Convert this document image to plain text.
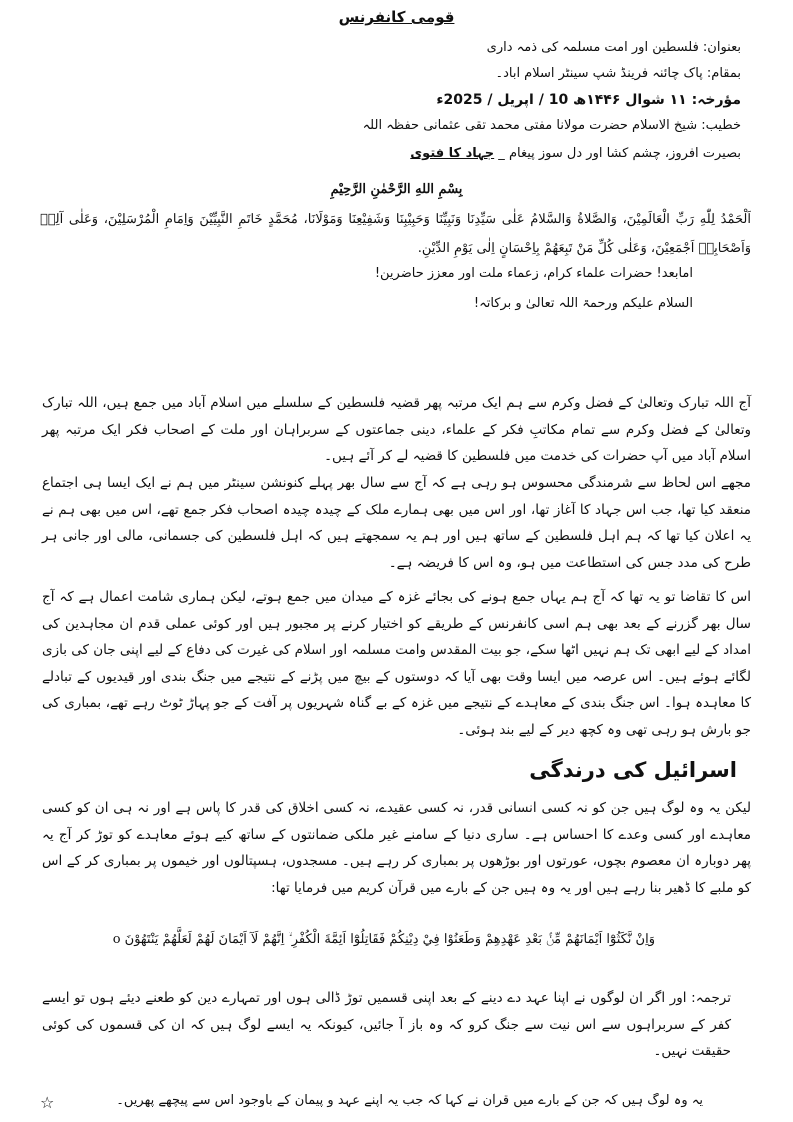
قومی کانفرنس
بعنوان: فلسطین اور امت مسلمہ کی ذمہ داری
بمقام: پاک چائنہ فرینڈ شپ سینٹر اسلام آباد۔
مؤرخہ: ۱۱ شوال ۱۴۴۶ھ 10 / اپریل / 2025ء
خطیب: شیخ الاسلام حضرت مولانا مفتی محمد تقی عثمانی حفظہ اللہ
بصیرت افروز، چشم کشا اور دل سوز پیغام _ جہاد کا فتوی
بِسْمِ اللهِ الرَّحْمٰنِ الرَّحِيْمِ
اَلْحَمْدُ لِلّٰهِ رَبِّ الْعَالَمِيْنَ، وَالصَّلاةُ وَالسَّلامُ عَلٰى سَيِّدِنَا وَنَبِيِّنَا وَحَبِيْبِنَا وَشَفِيْعِنَا وَمَوْلَانَا، مُحَمَّدٍ خَاتَمِ النَّبِيِّيْنَ وَاِمَامِ الْمُرْسَلِيْنَ، وَعَلٰى آلِهٖ وَاَصْحَابِهٖ اَجْمَعِيْنَ، وَعَلٰى كُلِّ مَنْ تَبِعَهُمْ بِاِحْسَانٍ اِلٰى يَوْمِ الدِّيْنِ.
امابعد! حضرات علماء کرام، زعماء ملت اور معزز حاضرین!
السلام علیکم ورحمۃ اللہ تعالیٰ و برکاتہ!
آج اللہ تبارک وتعالیٰ کے فضل وکرم سے ہم ایک مرتبہ پھر قضیہ فلسطین کے سلسلے میں اسلام آباد میں جمع ہیں، اللہ تبارک وتعالیٰ کے فضل وکرم سے تمام مکاتبِ فکر کے علماء، دینی جماعتوں کے سربراہان اور ملت کے اصحاب فکر ایک مرتبہ پھر اسلام آباد میں آپ حضرات کی خدمت میں فلسطین کا قضیہ لے کر آئے ہیں۔
مجھے اس لحاظ سے شرمندگی محسوس ہو رہی ہے کہ آج سے سال بھر پہلے کنونشن سینٹر میں ہم نے ایک ایسا ہی اجتماع منعقد کیا تھا، جب اس جہاد کا آغاز تھا، اور اس میں بھی ہمارے ملک کے چیدہ چیدہ اصحاب فکر جمع تھے، اس میں بھی ہم نے یہ اعلان کیا تھا کہ ہم اہل فلسطین کے ساتھ ہیں اور ہم یہ سمجھتے ہیں کہ اہل فلسطین کی جسمانی، مالی اور جانی ہر طرح کی مدد جس کی استطاعت میں ہو، وہ اس کا فریضہ ہے۔
اس کا تقاضا تو یہ تھا کہ آج ہم یہاں جمع ہونے کی بجائے غزہ کے میدان میں جمع ہوتے، لیکن ہماری شامت اعمال ہے کہ آج سال بھر گزرنے کے بعد بھی ہم اسی کانفرنس کے طریقے کو اختیار کرنے پر مجبور ہیں اور کوئی عملی قدم ان مجاہدین کی امداد کے لیے ابھی تک ہم نہیں اٹھا سکے، جو بیت المقدس وامت مسلمہ اور اسلام کی غیرت کی دفاع کے لیے اپنی جان کی بازی لگائے ہوئے ہیں۔ اس عرصہ میں ایسا وقت بھی آیا کہ دوستوں کے بیچ میں پڑنے کے نتیجے میں جنگ بندی اور قیدیوں کے تبادلے کا معاہدہ ہوا۔ اس جنگ بندی کے معاہدے کے نتیجے میں غزہ کے بے گناہ شہریوں پر آفت کے جو پہاڑ ٹوٹ رہے تھے، بمباری کی جو بارش ہو رہی تھی وہ کچھ دیر کے لیے بند ہوئی۔
اسرائیل کی درندگی
لیکن یہ وہ لوگ ہیں جن کو نہ کسی انسانی قدر، نہ کسی عقیدے، نہ کسی اخلاق کی قدر کا پاس ہے اور نہ ہی ان کو کسی معاہدے اور کسی وعدے کا احساس ہے۔ ساری دنیا کے سامنے غیر ملکی ضمانتوں کے ساتھ کیے ہوئے معاہدے کو توڑ کر آج یہ پھر دوبارہ ان معصوم بچوں، عورتوں اور بوڑھوں پر بمباری کر رہے ہیں۔ مسجدوں، ہسپتالوں اور خیموں پر بمباری کر کے اس کو ملبے کا ڈھیر بنا رہے ہیں اور یہ وہ ہیں جن کے بارے میں قرآن کریم میں فرمایا تھا:
وَاِنْ نَّكَثُوْٓا اَيْمَانَهُمْ مِّنْۢ بَعْدِ عَهْدِهِمْ وَطَعَنُوْا فِيْ دِيْنِكُمْ فَقَاتِلُوْٓا اَئِمَّةَ الْكُفْرِ ۙ اِنَّهُمْ لَآ اَيْمَانَ لَهُمْ لَعَلَّهُمْ يَنْتَهُوْنَ o
ترجمہ: اور اگر ان لوگوں نے اپنا عہد دے دینے کے بعد اپنی قسمیں توڑ ڈالی ہوں اور تمہارے دین کو طعنے دیئے ہوں تو ایسے کفر کے سربراہوں سے اس نیت سے جنگ کرو کہ وہ باز آ جائیں، کیونکہ یہ ایسے لوگ ہیں کہ ان کی قسموں کی کوئی حقیقت نہیں۔
یہ وہ لوگ ہیں کہ جن کے بارے میں قرآن نے کہا کہ جب یہ اپنے عہد و پیمان کے باوجود اس سے پیچھے پھریں۔
☆
